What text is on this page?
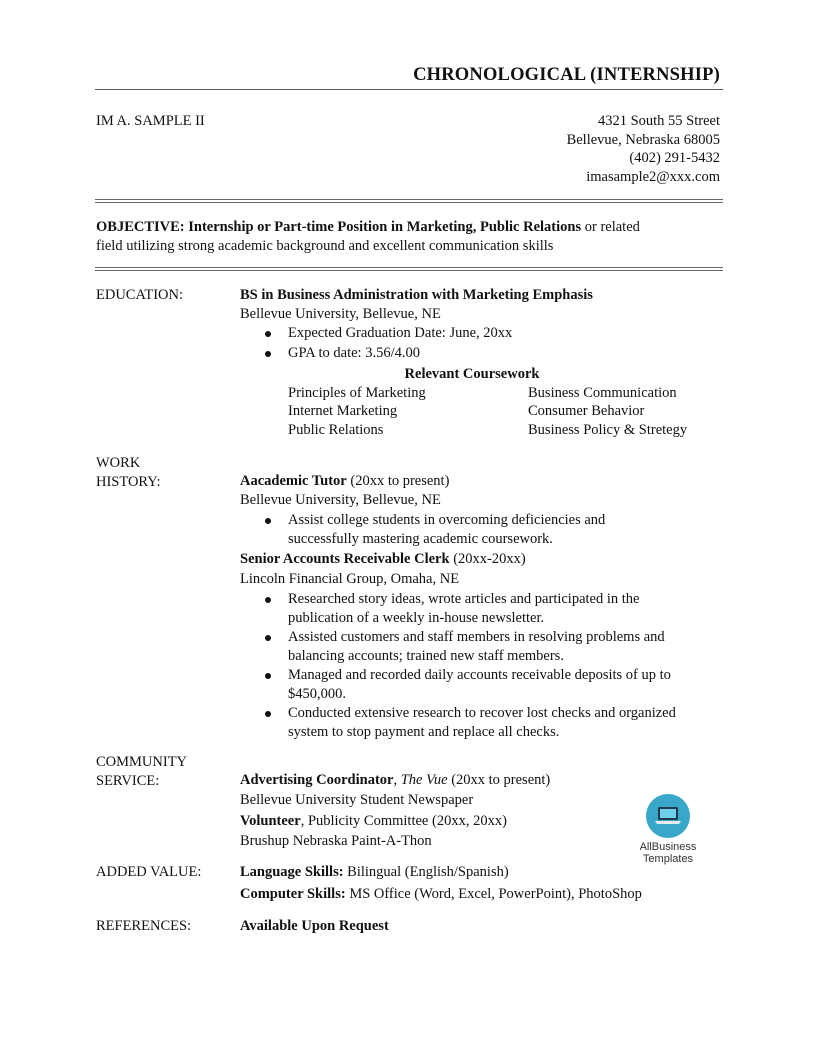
CHRONOLOGICAL (INTERNSHIP)
IM A. SAMPLE II	4321 South 55 Street
Bellevue, Nebraska 68005
(402) 291-5432
imasample2@xxx.com
OBJECTIVE: Internship or Part-time Position in Marketing, Public Relations or related
field utilizing strong academic background and excellent communication skills
EDUCATION:	BS in Business Administration with Marketing Emphasis
Bellevue University, Bellevue, NE
Expected Graduation Date: June, 20xx
GPA to date: 3.56/4.00
Relevant Coursework
Principles of Marketing	Business Communication
Internet Marketing	Consumer Behavior
Public Relations	Business Policy & Stretegy
WORK
HISTORY:	Aacademic Tutor (20xx to present)
Bellevue University, Bellevue, NE
Assist college students in overcoming deficiencies and
successfully mastering academic coursework.
Senior Accounts Receivable Clerk (20xx-20xx)
Lincoln Financial Group, Omaha, NE
Researched story ideas, wrote articles and participated in the
publication of a weekly in-house newsletter.
Assisted customers and staff members in resolving problems and
balancing accounts; trained new staff members.
Managed and recorded daily accounts receivable deposits of up to
$450,000.
Conducted extensive research to recover lost checks and organized
system to stop payment and replace all checks.
COMMUNITY
SERVICE:	Advertising Coordinator, The Vue (20xx to present)
Bellevue University Student Newspaper
Volunteer, Publicity Committee (20xx, 20xx)
Brushup Nebraska Paint-A-Thon
ADDED VALUE:	Language Skills: Bilingual (English/Spanish)
Computer Skills: MS Office (Word, Excel, PowerPoint), PhotoShop
REFERENCES:	Available Upon Request
AllBusiness
Templates
